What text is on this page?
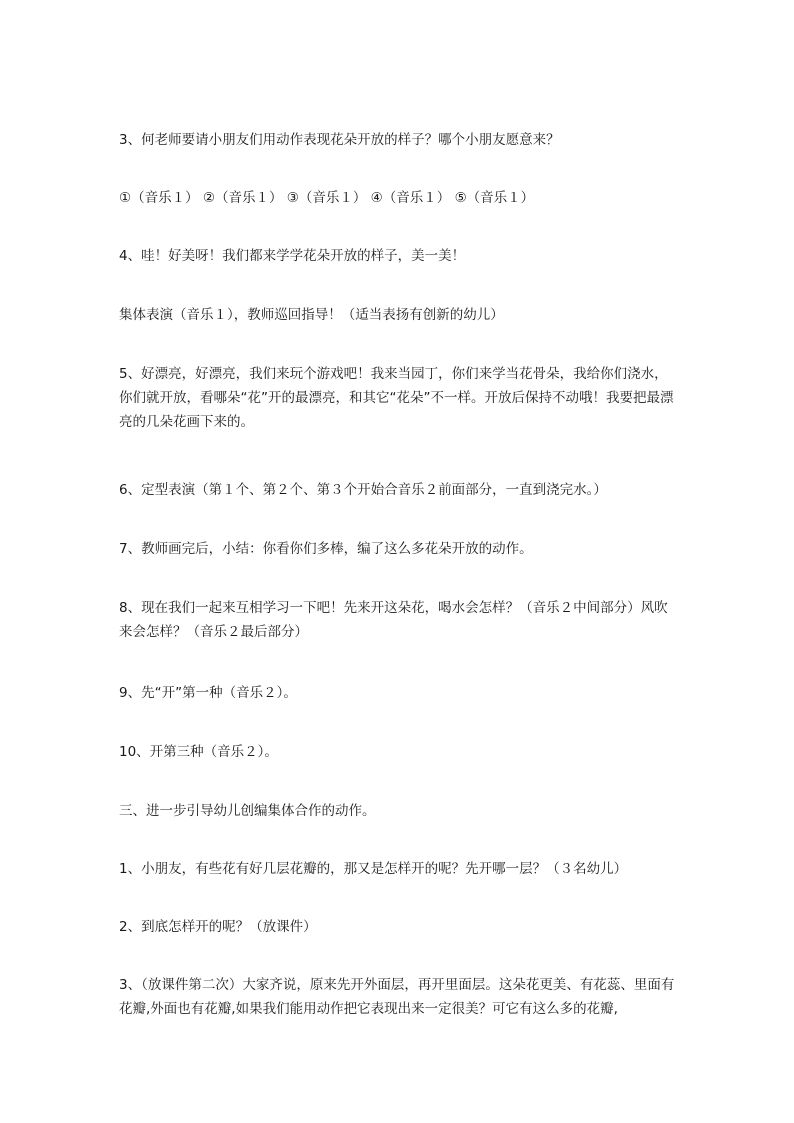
3、何老师要请小朋友们用动作表现花朵开放的样子？哪个小朋友愿意来？

①（音乐１） ②（音乐１） ③（音乐１） ④（音乐１） ⑤（音乐１）

4、哇！好美呀！我们都来学学花朵开放的样子，美一美！

集体表演（音乐１），教师巡回指导！（适当表扬有创新的幼儿）

5、好漂亮，好漂亮，我们来玩个游戏吧！我来当园丁，你们来学当花骨朵，我给你们浇水，你们就开放，看哪朵“花”开的最漂亮，和其它“花朵”不一样。开放后保持不动哦！我要把最漂亮的几朵花画下来的。

6、定型表演（第１个、第２个、第３个开始合音乐２前面部分，一直到浇完水。）

7、教师画完后，小结：你看你们多棒，编了这么多花朵开放的动作。

8、现在我们一起来互相学习一下吧！先来开这朵花，喝水会怎样？（音乐２中间部分）风吹来会怎样？（音乐２最后部分）

9、先“开”第一种（音乐２）。

10、开第三种（音乐２）。

三、进一步引导幼儿创编集体合作的动作。

1、小朋友，有些花有好几层花瓣的，那又是怎样开的呢？先开哪一层？（３名幼儿）

2、到底怎样开的呢？（放课件）

3、（放课件第二次）大家齐说，原来先开外面层，再开里面层。这朵花更美、有花蕊、里面有花瓣,外面也有花瓣,如果我们能用动作把它表现出来一定很美？可它有这么多的花瓣,
